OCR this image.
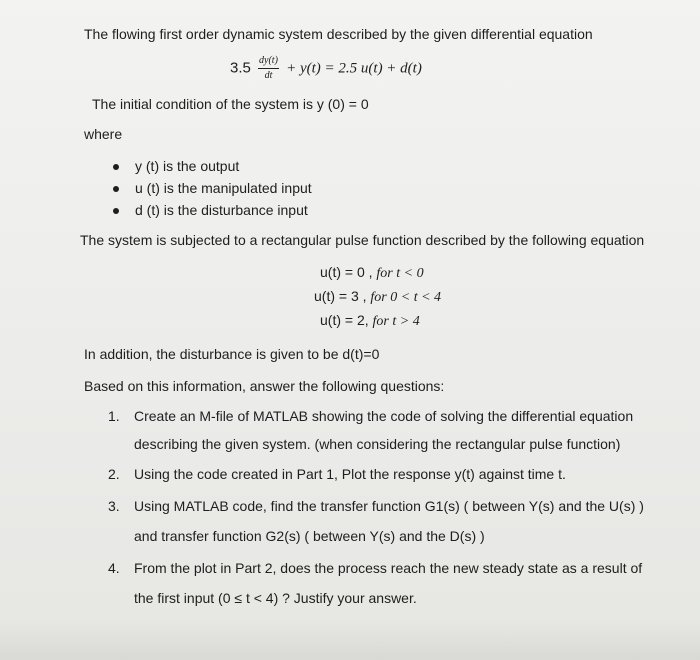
The flowing first order dynamic system described by the given differential equation
$3.5 \frac{dy(t)}{dt} + y(t) = 2.5$ u(t) + d(t)
The initial condition of the system is y (0) = 0
where
y (t) is the output
u (t) is the manipulated input
d (t) is the disturbance input
The system is subjected to a rectangular pulse function described by the following equation
u(t) = 0 , for t < 0
u(t) = 3 , for 0 < t < 4
u(t) = 2, for t > 4
In addition, the disturbance is given to be d(t)=0
Based on this information, answer the following questions:
1. Create an M-file of MATLAB showing the code of solving the differential equation
describing the given system. (when considering the rectangular pulse function)
2. Using the code created in Part 1, Plot the response y(t) against time t.
3. Using MATLAB code, find the transfer function G1(s) ( between Y(s) and the U(s) )
and transfer function G2(s) ( between Y(s) and the D(s) )
4. From the plot in Part 2, does the process reach the new steady state as a result of
the first input (0 ≤ t < 4) ? Justify your answer.
